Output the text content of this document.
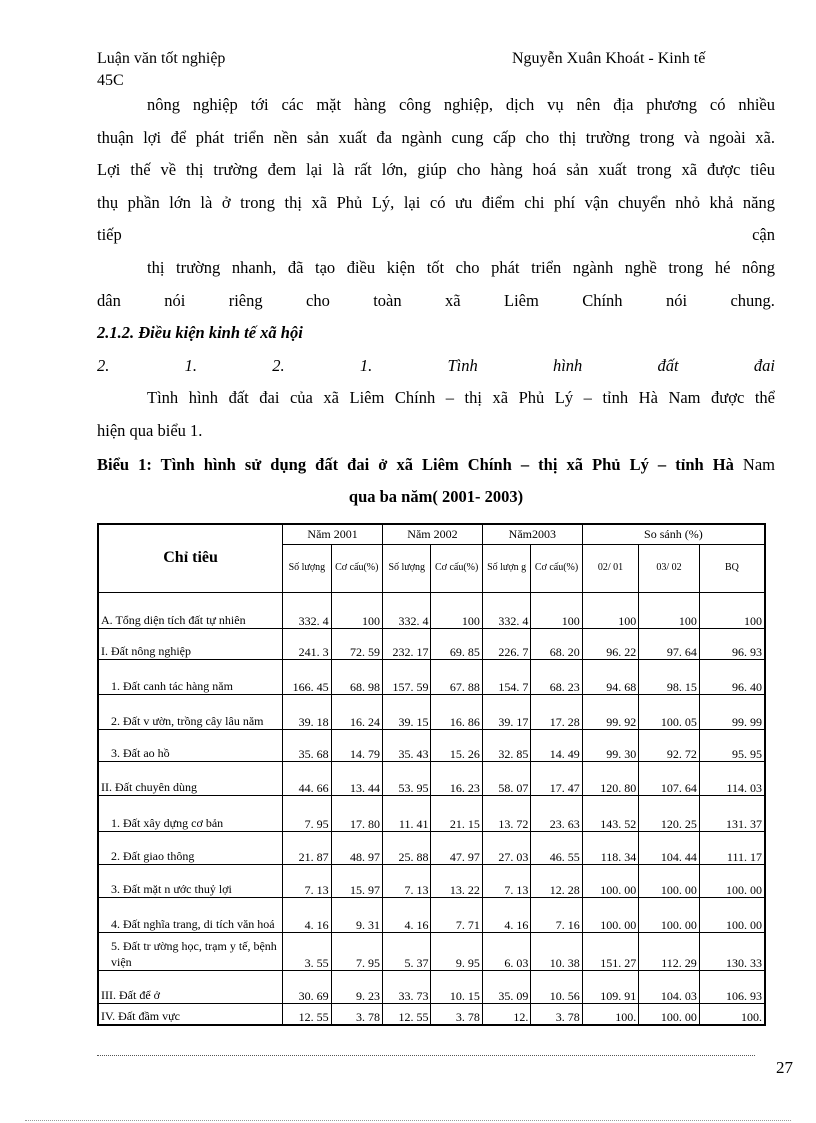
Luận văn tốt nghiệp	Nguyễn Xuân Khoát - Kinh tế
45C
nông nghiệp tới các mặt hàng công nghiệp, dịch vụ nên địa phương có nhiều
thuận lợi để phát triển nền sản xuất đa ngành cung cấp cho thị trường trong và ngoài xã.
Lợi thế về thị trường đem lại là rất lớn, giúp cho hàng hoá sản xuất trong xã được tiêu
thụ phần lớn là ở trong thị xã Phủ Lý, lại có ưu điểm chi phí vận chuyển nhỏ khả năng
tiếp	cận
thị trường nhanh, đã tạo điều kiện tốt cho phát triển ngành nghề trong hé nông
dân	nói	riêng	cho	toàn	xã	Liêm	Chính	nói	chung.
2.1.2. Điều kiện kinh tế xã hội
2.	1.	2.	1.	Tình	hình	đất	đai
Tình hình đất đai của xã Liêm Chính – thị xã Phủ Lý – tỉnh Hà Nam được thể
hiện qua biểu 1.
Biểu 1: Tình hình sử dụng đất đai ở xã Liêm Chính – thị xã Phủ Lý – tỉnh Hà Nam
qua ba năm( 2001- 2003)
Chỉ tiêu	Năm 2001		Năm 2002		Năm2003		So sánh (%)		
	Số lượng	Cơ cấu(%)	Số lượng	Cơ cấu(%)	Số lượn g	Cơ cấu(%)	02/ 01	03/ 02	BQ
A. Tổng diện tích đất tự nhiên	332. 4	100	332. 4	100	332. 4	100	100	100	100
I. Đất nông nghiệp	241. 3	72. 59	232. 17	69. 85	226. 7	68. 20	96. 22	97. 64	96. 93
1. Đất canh tác hàng năm	166. 45	68. 98	157. 59	67. 88	154. 7	68. 23	94. 68	98. 15	96. 40
2. Đất v ườn, trồng cây lâu năm	39. 18	16. 24	39. 15	16. 86	39. 17	17. 28	99. 92	100. 05	99. 99
3. Đất ao hồ	35. 68	14. 79	35. 43	15. 26	32. 85	14. 49	99. 30	92. 72	95. 95
II. Đất chuyên dùng	44. 66	13. 44	53. 95	16. 23	58. 07	17. 47	120. 80	107. 64	114. 03
1. Đất xây dựng cơ bản	7. 95	17. 80	11. 41	21. 15	13. 72	23. 63	143. 52	120. 25	131. 37
2. Đất giao thông	21. 87	48. 97	25. 88	47. 97	27. 03	46. 55	118. 34	104. 44	111. 17
3. Đất mặt n ước thuỷ lợi	7. 13	15. 97	7. 13	13. 22	7. 13	12. 28	100. 00	100. 00	100. 00
4. Đất nghĩa trang, di tích văn hoá	4. 16	9. 31	4. 16	7. 71	4. 16	7. 16	100. 00	100. 00	100. 00
5. Đất tr ường học, trạm y tế, bệnh viện	3. 55	7. 95	5. 37	9. 95	6. 03	10. 38	151. 27	112. 29	130. 33
III. Đất để ở	30. 69	9. 23	33. 73	10. 15	35. 09	10. 56	109. 91	104. 03	106. 93
IV. Đất đầm vực	12. 55	3. 78	12. 55	3. 78	12.	3. 78	100.	100. 00	100.
27
